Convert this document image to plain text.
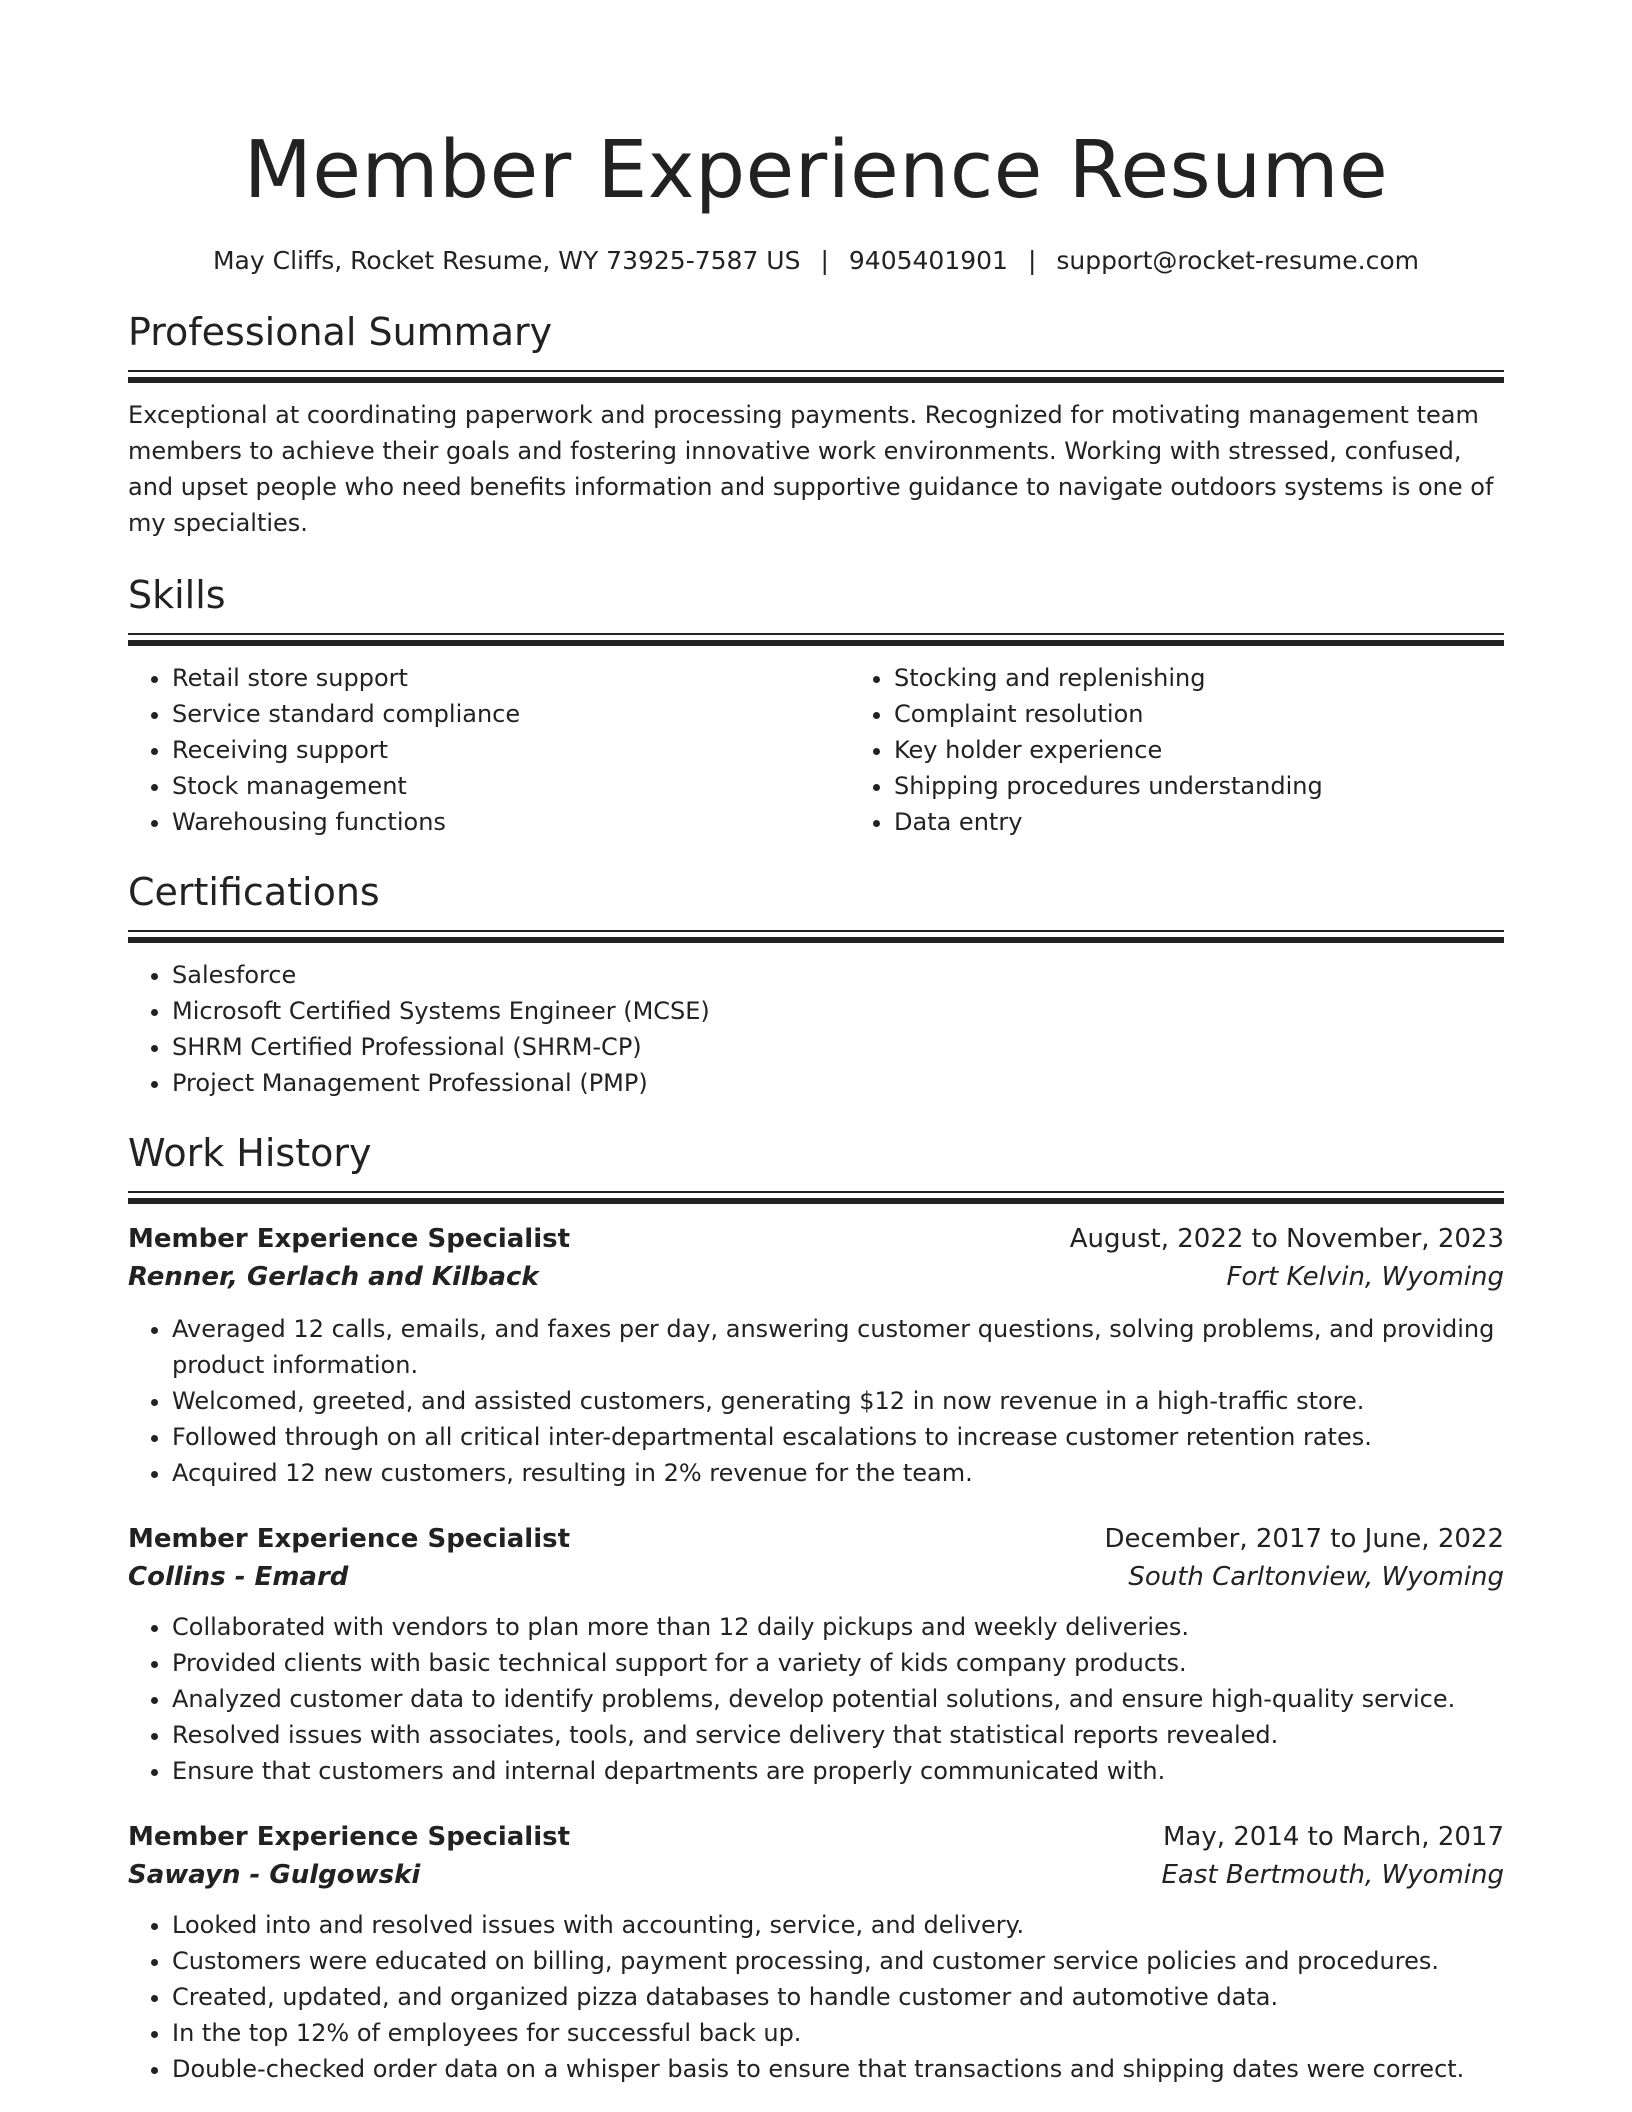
Member Experience Resume
May Cliffs, Rocket Resume, WY 73925-7587 US | 9405401901 | support@rocket-resume.com
Professional Summary

Exceptional at coordinating paperwork and processing payments. Recognized for motivating management team members to achieve their goals and fostering innovative work environments. Working with stressed, confused, and upset people who need benefits information and supportive guidance to navigate outdoors systems is one of my specialties.

Skills
• Retail store support
• Service standard compliance
• Receiving support
• Stock management
• Warehousing functions
• Stocking and replenishing
• Complaint resolution
• Key holder experience
• Shipping procedures understanding
• Data entry
Certifications
• Salesforce
• Microsoft Certified Systems Engineer (MCSE)
• SHRM Certified Professional (SHRM-CP)
• Project Management Professional (PMP)
Work History
Member Experience Specialist	August, 2022 to November, 2023
Renner, Gerlach and Kilback	Fort Kelvin, Wyoming
• Averaged 12 calls, emails, and faxes per day, answering customer questions, solving problems, and providing product information.
• Welcomed, greeted, and assisted customers, generating $12 in now revenue in a high-traffic store.
• Followed through on all critical inter-departmental escalations to increase customer retention rates.
• Acquired 12 new customers, resulting in 2% revenue for the team.
Member Experience Specialist	December, 2017 to June, 2022
Collins - Emard	South Carltonview, Wyoming
• Collaborated with vendors to plan more than 12 daily pickups and weekly deliveries.
• Provided clients with basic technical support for a variety of kids company products.
• Analyzed customer data to identify problems, develop potential solutions, and ensure high-quality service.
• Resolved issues with associates, tools, and service delivery that statistical reports revealed.
• Ensure that customers and internal departments are properly communicated with.
Member Experience Specialist	May, 2014 to March, 2017
Sawayn - Gulgowski	East Bertmouth, Wyoming
• Looked into and resolved issues with accounting, service, and delivery.
• Customers were educated on billing, payment processing, and customer service policies and procedures.
• Created, updated, and organized pizza databases to handle customer and automotive data.
• In the top 12% of employees for successful back up.
• Double-checked order data on a whisper basis to ensure that transactions and shipping dates were correct.
